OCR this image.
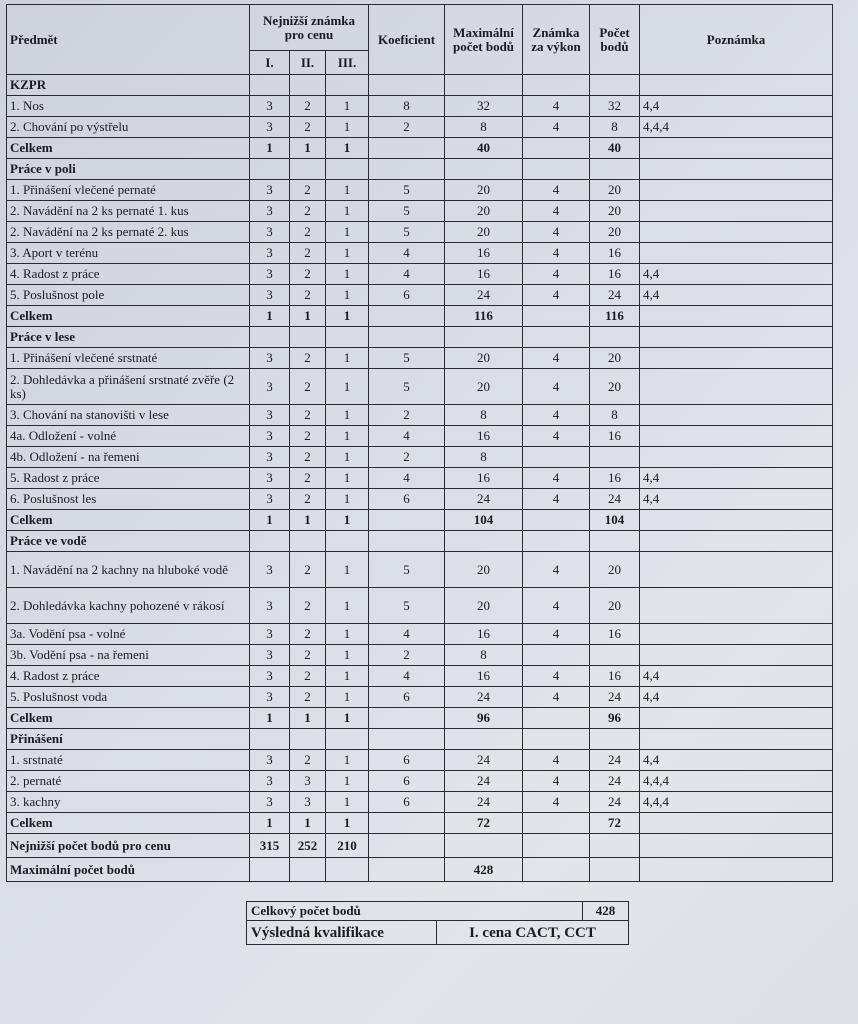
Předmět	Nejnižší známka pro cenu			Koeficient	Maximální počet bodů	Známka za výkon	Počet bodů	Poznámka
	I.	II.	III.					
KZPR								
1. Nos	3	2	1	8	32	4	32	4,4
2. Chování po výstřelu	3	2	1	2	8	4	8	4,4,4
Celkem	1	1	1		40		40	
Práce v poli								
1. Přinášení vlečené pernaté	3	2	1	5	20	4	20	
2. Navádění na 2 ks pernaté 1. kus	3	2	1	5	20	4	20	
2. Navádění na 2 ks pernaté 2. kus	3	2	1	5	20	4	20	
3. Aport v terénu	3	2	1	4	16	4	16	
4. Radost z práce	3	2	1	4	16	4	16	4,4
5. Poslušnost pole	3	2	1	6	24	4	24	4,4
Celkem	1	1	1		116		116	
Práce v lese								
1. Přinášení vlečené srstnaté	3	2	1	5	20	4	20	
2. Dohledávka a přinášení srstnaté zvěře (2 ks)	3	2	1	5	20	4	20	
3. Chování na stanovišti v lese	3	2	1	2	8	4	8	
4a. Odložení - volné	3	2	1	4	16	4	16	
4b. Odložení - na řemeni	3	2	1	2	8			
5. Radost z práce	3	2	1	4	16	4	16	4,4
6. Poslušnost les	3	2	1	6	24	4	24	4,4
Celkem	1	1	1		104		104	
Práce ve vodě								
1. Navádění na 2 kachny na hluboké vodě	3	2	1	5	20	4	20	
2. Dohledávka kachny pohozené v rákosí	3	2	1	5	20	4	20	
3a. Vodění psa - volné	3	2	1	4	16	4	16	
3b. Vodění psa - na řemeni	3	2	1	2	8			
4. Radost z práce	3	2	1	4	16	4	16	4,4
5. Poslušnost voda	3	2	1	6	24	4	24	4,4
Celkem	1	1	1		96		96	
Přinášení								
1. srstnaté	3	2	1	6	24	4	24	4,4
2. pernaté	3	3	1	6	24	4	24	4,4,4
3. kachny	3	3	1	6	24	4	24	4,4,4
Celkem	1	1	1		72		72	
Nejnižší počet bodů pro cenu	315	252	210					
Maximální počet bodů					428			
Celkový počet bodů		428
Výsledná kvalifikace	I. cena CACT, CCT	
